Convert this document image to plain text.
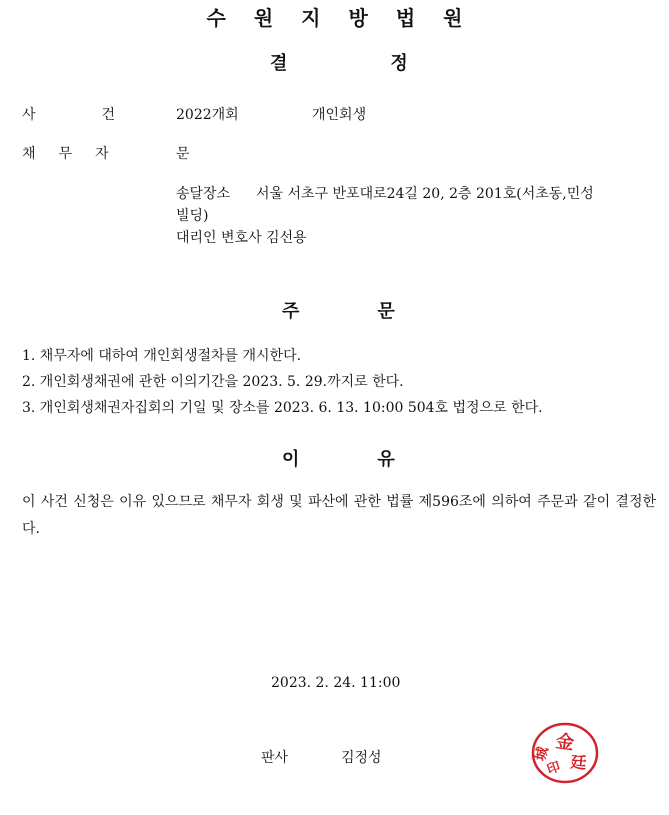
수 원 지 방 법 원
결	정
사	건	2022개회	개인회생
채 무 자	문
송달장소 서울 서초구 반포대로24길 20, 2층 201호(서초동,민성
빌딩)
대리인 변호사 김선용
주	문
1. 채무자에 대하여 개인회생절차를 개시한다.
2. 개인회생채권에 관한 이의기간을 2023. 5. 29.까지로 한다.
3. 개인회생채권자집회의 기일 및 장소를 2023. 6. 13. 10:00 504호 법정으로 한다.
이	유
이 사건 신청은 이유 있으므로 채무자 회생 및 파산에 관한 법률 제596조에 의하여 주문과 같이 결정한다.
2023. 2. 24. 11:00
판사	김정성
金
廷
城
印
